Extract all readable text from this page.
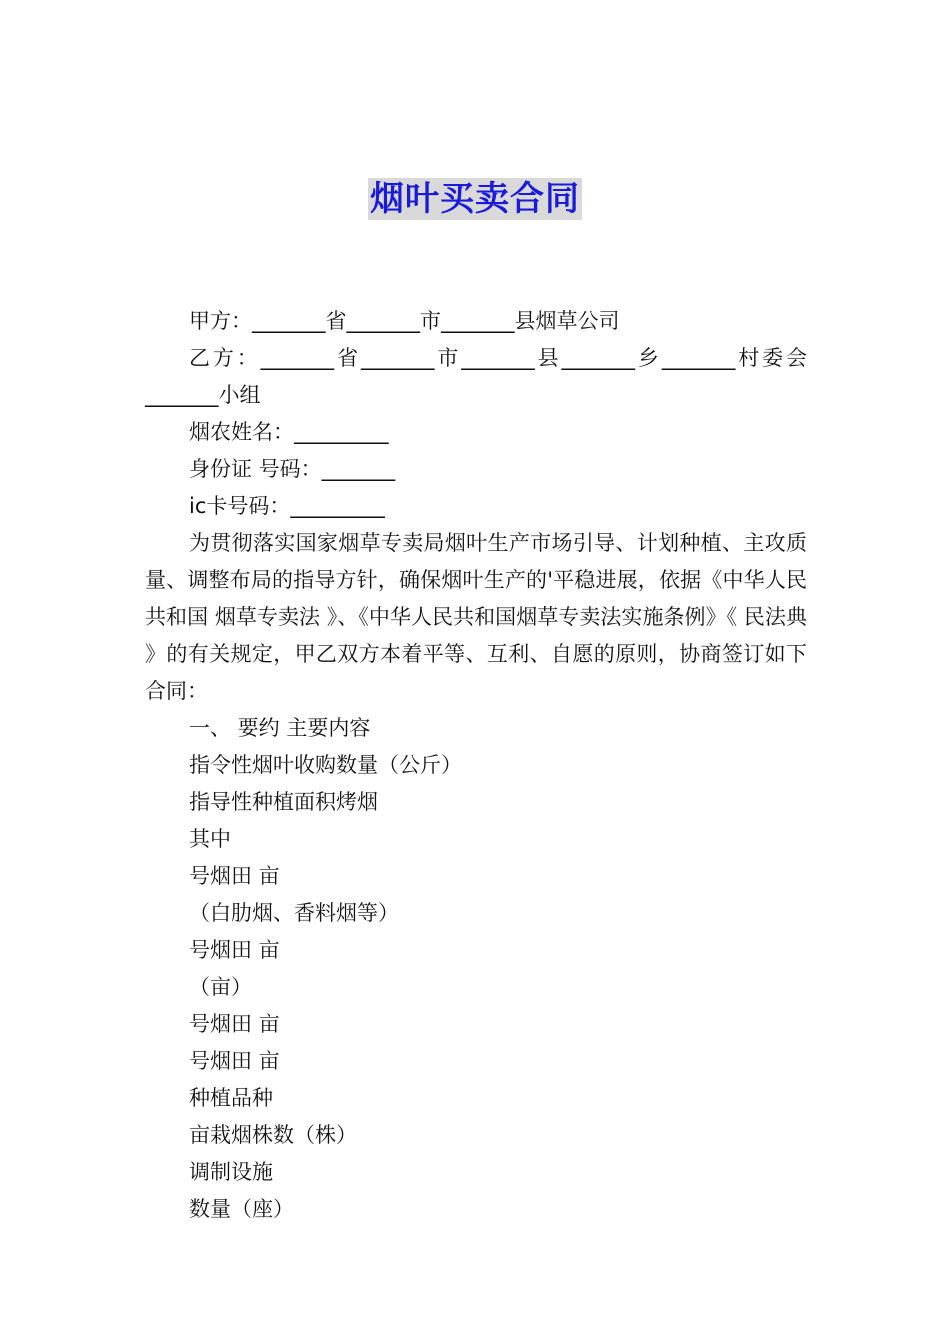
烟叶买卖合同

甲方：_______省_______市_______县烟草公司

乙方：_______省_______市_______县_______乡_______村委会_______小组

烟农姓名：_________

身份证 号码：_______

ic卡号码：_________

为贯彻落实国家烟草专卖局烟叶生产市场引导、计划种植、主攻质量、调整布局的指导方针，确保烟叶生产的'平稳进展，依据《中华人民共和国 烟草专卖法 》、《中华人民共和国烟草专卖法实施条例》《 民法典 》的有关规定，甲乙双方本着平等、互利、自愿的原则，协商签订如下合同：

一、 要约 主要内容

指令性烟叶收购数量（公斤）

指导性种植面积烤烟

其中

号烟田 亩

（白肋烟、香料烟等）

号烟田 亩

（亩）

号烟田 亩

号烟田 亩

种植品种

亩栽烟株数（株）

调制设施

数量（座）
